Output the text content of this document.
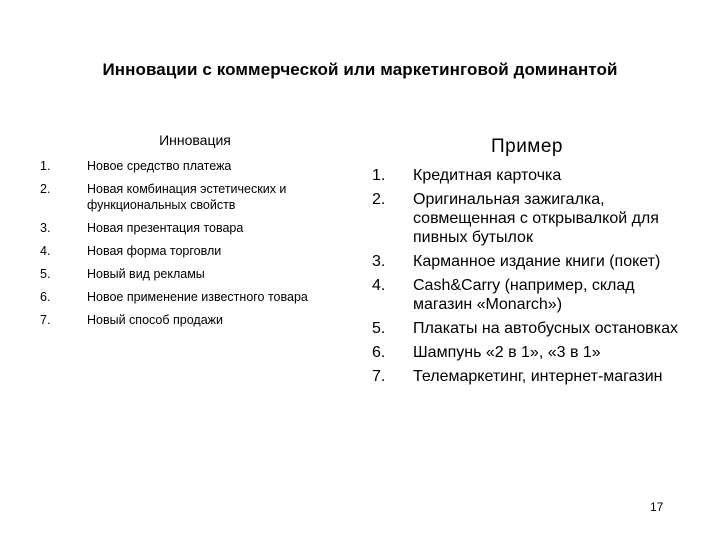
Инновации с коммерческой или маркетинговой доминантой
Инновация
1.	Новое средство платежа
2.	Новая комбинация эстетических и функциональных свойств
3.	Новая презентация товара
4.	Новая форма торговли
5.	Новый вид рекламы
6.	Новое применение известного товара
7.	Новый способ продажи
Пример
1.	Кредитная карточка
2.	Оригинальная зажигалка, совмещенная с открывалкой для пивных бутылок
3.	Карманное издание книги (покет)
4.	Cash&Carry (например, склад магазин «Monarch»)
5.	Плакаты на автобусных остановках
6.	Шампунь «2 в 1», «3 в 1»
7.	Телемаркетинг, интернет-магазин
17
